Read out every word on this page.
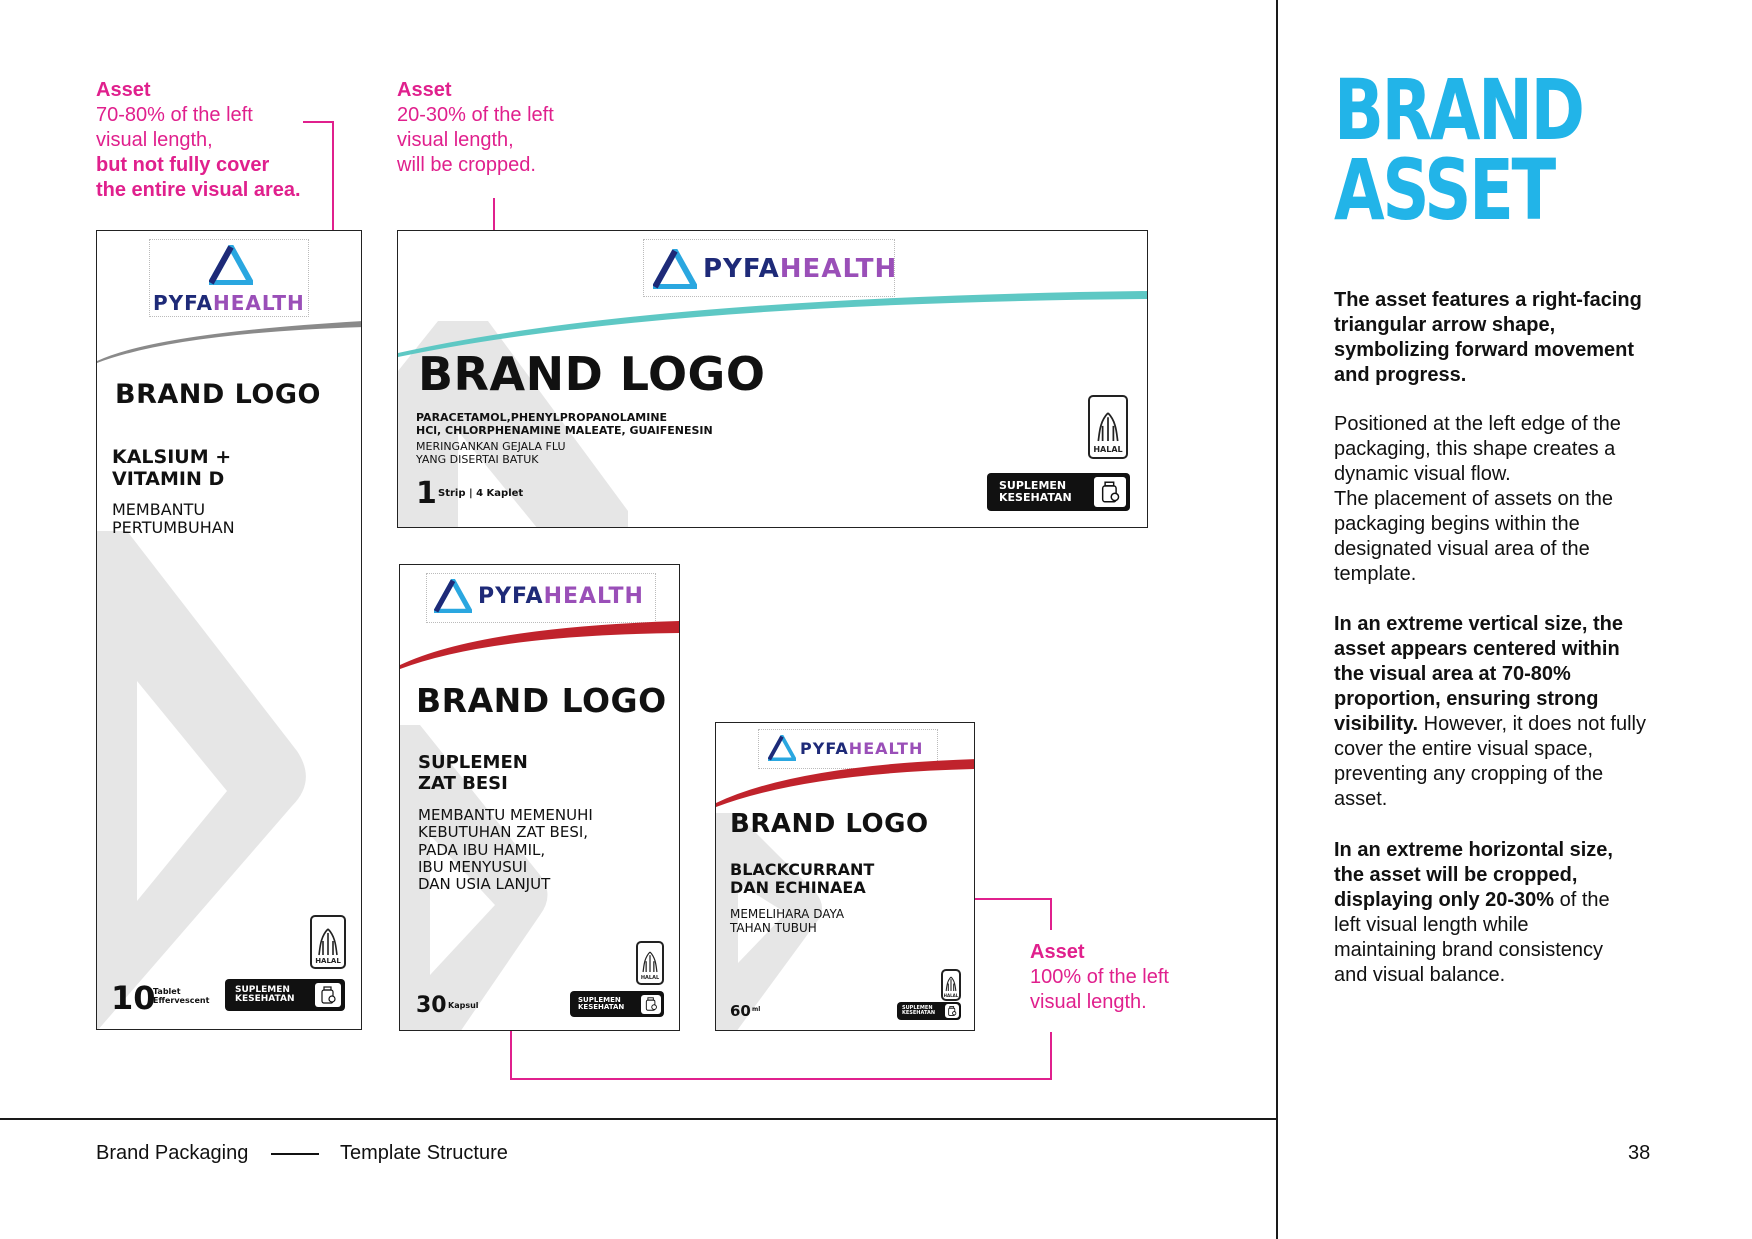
Asset
70-80% of the left
visual length,
but not fully cover
the entire visual area.
Asset
20-30% of the left
visual length,
will be cropped.
Asset
100% of the left
visual length.
PYFAHEALTH
BRAND LOGO
KALSIUM +
VITAMIN D
MEMBANTU
PERTUMBUHAN
HALAL
10
Tablet
Effervescent
SUPLEMEN
KESEHATAN
PYFAHEALTH
BRAND LOGO
PARACETAMOL,PHENYLPROPANOLAMINE
HCl, CHLORPHENAMINE MALEATE, GUAIFENESIN
MERINGANKAN GEJALA FLU
YANG DISERTAI BATUK
1 Strip | 4 Kaplet
HALAL
SUPLEMEN
KESEHATAN
PYFAHEALTH
BRAND LOGO
SUPLEMEN
ZAT BESI
MEMBANTU MEMENUHI
KEBUTUHAN ZAT BESI,
PADA IBU HAMIL,
IBU MENYUSUI
DAN USIA LANJUT
HALAL
30 Kapsul
SUPLEMEN
KESEHATAN
PYFAHEALTH
BRAND LOGO
BLACKCURRANT
DAN ECHINAEA
MEMELIHARA DAYA
TAHAN TUBUH
HALAL
60 ml	SUPLEMEN
KESEHATAN
BRAND
ASSET
The asset features a right-facing triangular arrow shape, symbolizing forward movement and progress.
Positioned at the left edge of the packaging, this shape creates a dynamic visual flow.
The placement of assets on the packaging begins within the designated visual area of the template.
In an extreme vertical size, the asset appears centered within the visual area at 70-80% proportion, ensuring strong visibility. However, it does not fully cover the entire visual space, preventing any cropping of the asset.
In an extreme horizontal size, the asset will be cropped, displaying only 20-30% of the left visual length while maintaining brand consistency and visual balance.
Brand Packaging	Template Structure	38
